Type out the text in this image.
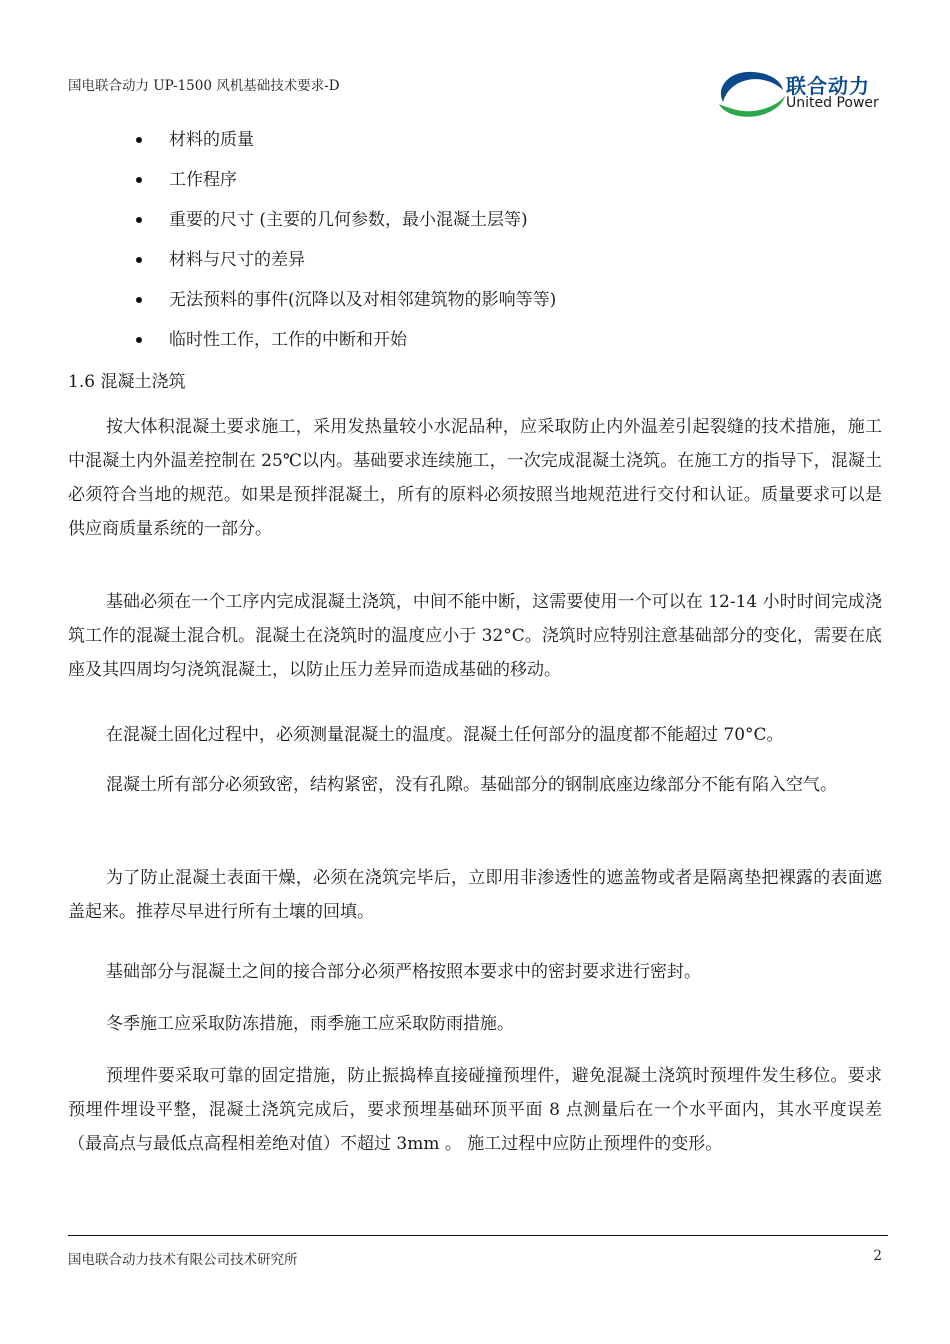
国电联合动力 UP-1500 风机基础技术要求-D	UP 联合动力
United Power
材料的质量
工作程序
重要的尺寸 (主要的几何参数，最小混凝土层等)
材料与尺寸的差异
无法预料的事件(沉降以及对相邻建筑物的影响等等)
临时性工作，工作的中断和开始
1.6 混凝土浇筑

按大体积混凝土要求施工，采用发热量较小水泥品种，应采取防止内外温差引起裂缝的技术措施，施工中混凝土内外温差控制在 25℃以内。基础要求连续施工，一次完成混凝土浇筑。在施工方的指导下，混凝土必须符合当地的规范。如果是预拌混凝土，所有的原料必须按照当地规范进行交付和认证。质量要求可以是供应商质量系统的一部分。

基础必须在一个工序内完成混凝土浇筑，中间不能中断，这需要使用一个可以在 12-14 小时时间完成浇筑工作的混凝土混合机。混凝土在浇筑时的温度应小于 32°C。浇筑时应特别注意基础部分的变化，需要在底座及其四周均匀浇筑混凝土，以防止压力差异而造成基础的移动。

在混凝土固化过程中，必须测量混凝土的温度。混凝土任何部分的温度都不能超过 70°C。

混凝土所有部分必须致密，结构紧密，没有孔隙。基础部分的钢制底座边缘部分不能有陷入空气。

为了防止混凝土表面干燥，必须在浇筑完毕后，立即用非渗透性的遮盖物或者是隔离垫把裸露的表面遮盖起来。推荐尽早进行所有土壤的回填。

基础部分与混凝土之间的接合部分必须严格按照本要求中的密封要求进行密封。

冬季施工应采取防冻措施，雨季施工应采取防雨措施。

预埋件要采取可靠的固定措施，防止振捣棒直接碰撞预埋件，避免混凝土浇筑时预埋件发生移位。要求预埋件埋设平整，混凝土浇筑完成后，要求预埋基础环顶平面 8 点测量后在一个水平面内，其水平度误差（最高点与最低点高程相差绝对值）不超过 3mm 。 施工过程中应防止预埋件的变形。

国电联合动力技术有限公司技术研究所	2
